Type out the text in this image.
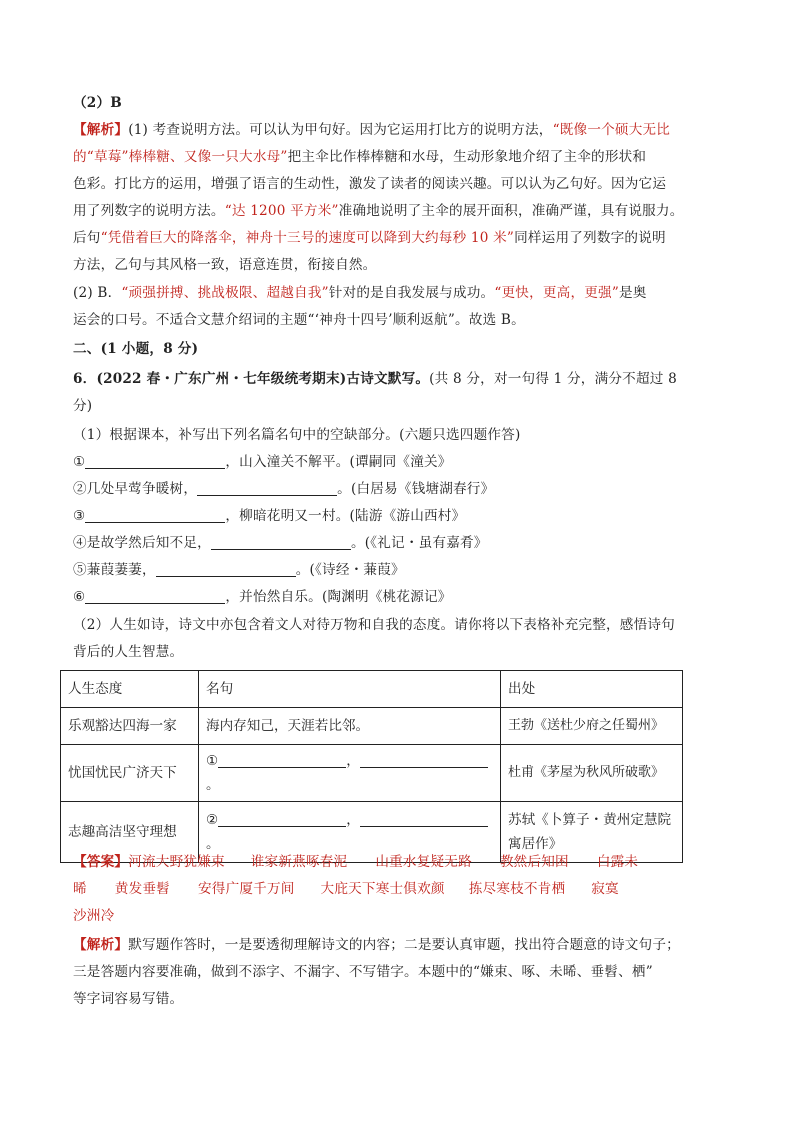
（2）B
【解析】(1) 考查说明方法。可以认为甲句好。因为它运用打比方的说明方法，“既像一个硕大无比
的“草莓”棒棒糖、又像一只大水母”把主伞比作棒棒糖和水母，生动形象地介绍了主伞的形状和
色彩。打比方的运用，增强了语言的生动性，激发了读者的阅读兴趣。可以认为乙句好。因为它运
用了列数字的说明方法。“达 1200 平方米”准确地说明了主伞的展开面积，准确严谨，具有说服力。
后句“凭借着巨大的降落伞，神舟十三号的速度可以降到大约每秒 10 米”同样运用了列数字的说明
方法，乙句与其风格一致，语意连贯，衔接自然。
(2) B．“顽强拼搏、挑战极限、超越自我”针对的是自我发展与成功。“更快，更高，更强”是奥
运会的口号。不适合文慧介绍词的主题“‘神舟十四号’顺利返航”。故选 B。
二、(1 小题，8 分)
6．(2022 春・广东广州・七年级统考期末)古诗文默写。(共 8 分，对一句得 1 分，满分不超过 8
分)
（1）根据课本，补写出下列名篇名句中的空缺部分。(六题只选四题作答)
①	，山入潼关不解平。(谭嗣同《潼关》
②几处早莺争暖树，	。(白居易《钱塘湖春行》
③	，柳暗花明又一村。(陆游《游山西村》
④是故学然后知不足，	。(《礼记・虽有嘉肴》
⑤蒹葭萋萋，	。(《诗经・蒹葭》
⑥	，并怡然自乐。(陶渊明《桃花源记》
（2）人生如诗，诗文中亦包含着文人对待万物和自我的态度。请你将以下表格补充完整，感悟诗句
背后的人生智慧。
人生态度	名句	出处
乐观豁达四海一家	海内存知己，天涯若比邻。	王勃《送杜少府之任蜀州》
忧国忧民广济天下	① ，。	杜甫《茅屋为秋风所破歌》
志趣高洁坚守理想	② ，。	苏轼《卜算子・黄州定慧院寓居作》
【答案】河流大野犹嫌束 谁家新燕啄春泥 山重水复疑无路 教然后知困 白露未
晞 黄发垂髫 安得广厦千万间 大庇天下寒士俱欢颜 拣尽寒枝不肯栖 寂寞
沙洲冷
【解析】默写题作答时，一是要透彻理解诗文的内容；二是要认真审题，找出符合题意的诗文句子；
三是答题内容要准确，做到不添字、不漏字、不写错字。本题中的“嫌束、啄、未晞、垂髫、栖”
等字词容易写错。
